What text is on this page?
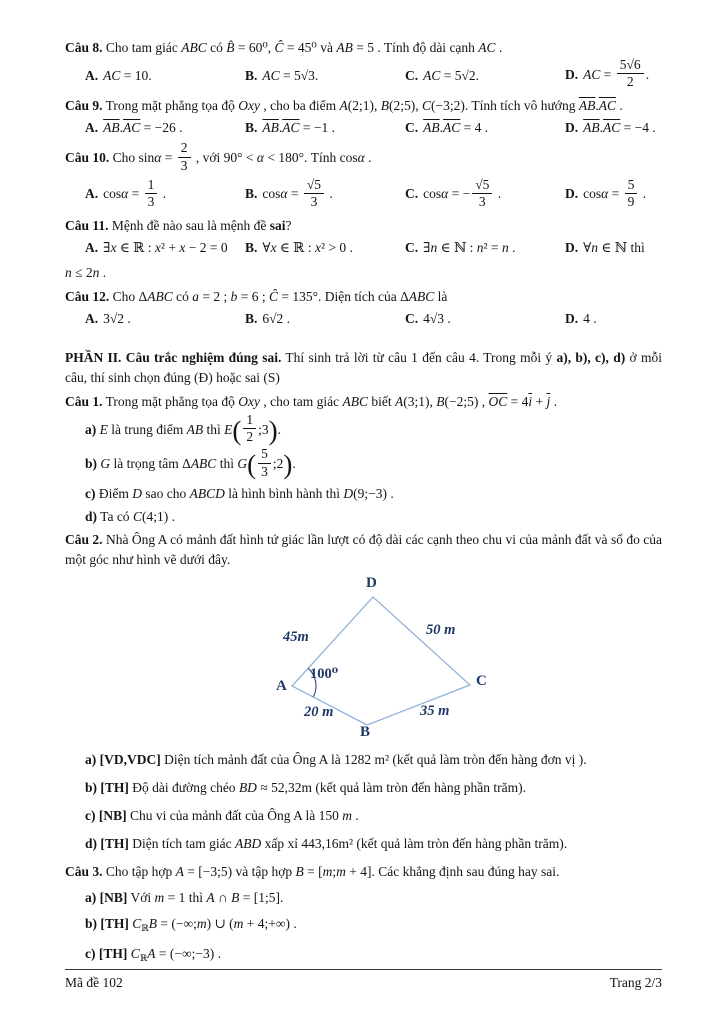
Câu 8. Cho tam giác ABC có B̂ = 60⁰, Ĉ = 45⁰ và AB = 5 . Tính độ dài cạnh AC .
A. AC = 10.	B. AC = 5√3.	C. AC = 5√2.	D. AC = $\frac{5√6}{2}$ .
Câu 9. Trong mặt phẳng tọa độ Oxy , cho ba điểm A(2;1), B(2;5), C(−3;2). Tính tích vô hướng $\overline{AB}.\overline{AC}$ .
A. $\overline{AB}.\overline{AC} = -26$ .	B. $\overline{AB}.\overline{AC} = -1$ .	C. $\overline{AB}.\overline{AC} = 4$ .	D. $\overline{AB}.\overline{AC} = -4$ .
Câu 10. Cho $\sin\alpha = \frac{2}{3}$ , với 90° < α < 180°. Tính cosα .
A. $\cos\alpha = \frac{1}{3}$ .	B. $\cos\alpha = \frac{√5}{3}$ .	C. cosα = − $\frac{√5}{3}$ .	D. $\cos\alpha = \frac{5}{9}$ .
Câu 11. Mệnh đề nào sau là mệnh đề sai?
A. ∃x ∈ ℝ : x² + x − 2 = 0	B. ∀x ∈ ℝ : x² > 0 .	C. ∃n ∈ ℕ : n² = n .	D. ∀n ∈ ℕ thì
n ≤ 2n .
Câu 12. Cho ΔABC có a = 2 ; b = 6 ; Ĉ = 135°. Diện tích của ΔABC là
A. 3√2 .	B. 6√2 .	C. 4√3 .	D. 4 .
PHẦN II. Câu trắc nghiệm đúng sai. Thí sinh trả lời từ câu 1 đến câu 4. Trong mỗi ý a), b), c), d) ở mỗi câu, thí sinh chọn đúng (Đ) hoặc sai (S)
Câu 1. Trong mặt phẳng tọa độ Oxy , cho tam giác ABC biết A(3;1), B(−2;5) , $\overline{OC} = 4\overline{i} + \overline{j}$ .
a) E là trung điểm AB thì $E( \frac{1}{2}$ ;3).
b) G là trọng tâm ΔABC thì $G( \frac{5}{3}$ ;2).
c) Điểm D sao cho ABCD là hình bình hành thì D(9;−3) .
d) Ta có C(4;1) .
Câu 2. Nhà Ông A có mảnh đất hình tứ giác lần lượt có độ dài các cạnh theo chu vi của mảnh đất và số đo của một góc như hình vẽ dưới đây.
D
A	C
B
45m	50 m
20 m	35 m
100⁰
a) [VD,VDC] Diện tích mảnh đất của Ông A là 1282 m² (kết quả làm tròn đến hàng đơn vị ).
b) [TH] Độ dài đường chéo BD ≈ 52,32m (kết quả làm tròn đến hàng phần trăm).
c) [NB] Chu vi của mảnh đất của Ông A là 150 m .
d) [TH] Diện tích tam giác ABD xấp xỉ 443,16m² (kết quả làm tròn đến hàng phần trăm).
Câu 3. Cho tập hợp A = [−3;5) và tập hợp B = [m;m + 4]. Các khẳng định sau đúng hay sai.
a) [NB] Với m = 1 thì A ∩ B = [1;5].
b) [TH] $C_ℝB$ = (−∞;m) ∪ (m + 4;+∞) .
c) [TH] $C_ℝA$ = (−∞;−3) .
Mã đề 102	Trang 2/3
